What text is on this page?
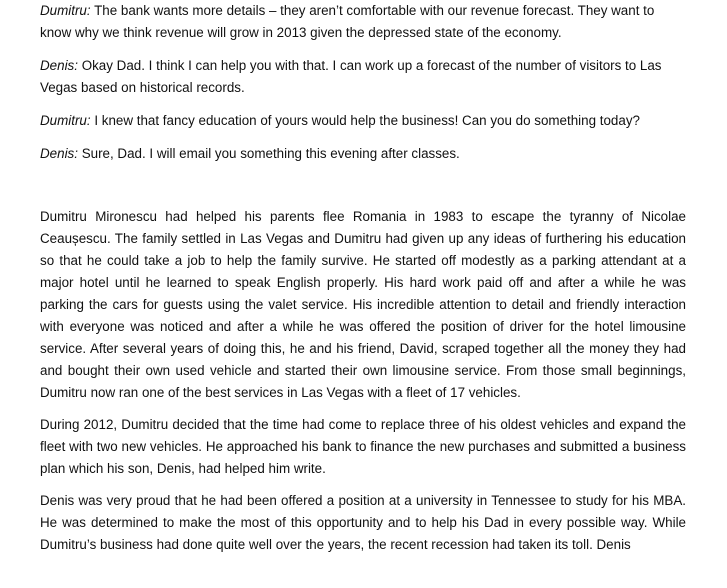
Dumitru: The bank wants more details – they aren’t comfortable with our revenue forecast. They want to know why we think revenue will grow in 2013 given the depressed state of the economy.

Denis: Okay Dad. I think I can help you with that. I can work up a forecast of the number of visitors to Las Vegas based on historical records.

Dumitru: I knew that fancy education of yours would help the business! Can you do something today?

Denis: Sure, Dad. I will email you something this evening after classes.

Dumitru Mironescu had helped his parents flee Romania in 1983 to escape the tyranny of Nicolae Ceaușescu. The family settled in Las Vegas and Dumitru had given up any ideas of furthering his education so that he could take a job to help the family survive. He started off modestly as a parking attendant at a major hotel until he learned to speak English properly. His hard work paid off and after a while he was parking the cars for guests using the valet service. His incredible attention to detail and friendly interaction with everyone was noticed and after a while he was offered the position of driver for the hotel limousine service. After several years of doing this, he and his friend, David, scraped together all the money they had and bought their own used vehicle and started their own limousine service. From those small beginnings, Dumitru now ran one of the best services in Las Vegas with a fleet of 17 vehicles.

During 2012, Dumitru decided that the time had come to replace three of his oldest vehicles and expand the fleet with two new vehicles. He approached his bank to finance the new purchases and submitted a business plan which his son, Denis, had helped him write.

Denis was very proud that he had been offered a position at a university in Tennessee to study for his MBA. He was determined to make the most of this opportunity and to help his Dad in every possible way. While Dumitru’s business had done quite well over the years, the recent recession had taken its toll. Denis
